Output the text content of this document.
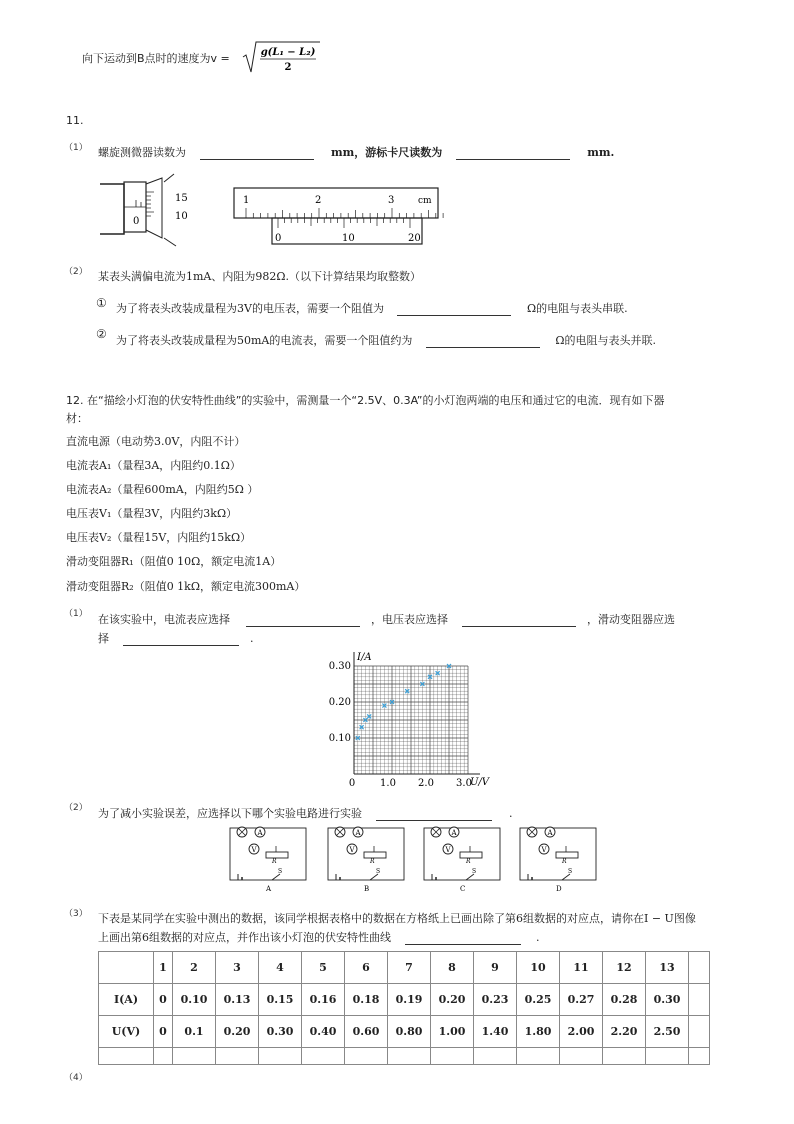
向下运动到B点时的速度为v =	g(L₁ − L₂)
2
11.
（1） 螺旋测微器读数为	mm，游标卡尺读数为	mm.
0
15
10
1	2	3	cm
0	10	20
（2） 某表头满偏电流为1mA、内阻为982Ω.（以下计算结果均取整数）
① 为了将表头改装成量程为3V的电压表，需要一个阻值为	Ω的电阻与表头串联.
② 为了将表头改装成量程为50mA的电流表，需要一个阻值约为	Ω的电阻与表头并联.
12. 在“描绘小灯泡的伏安特性曲线”的实验中，需测量一个“2.5V、0.3A”的小灯泡两端的电压和通过它的电流．现有如下器
材：
直流电源（电动势3.0V，内阻不计）
电流表A₁（量程3A，内阻约0.1Ω）
电流表A₂（量程600mA，内阻约5Ω ）
电压表V₁（量程3V，内阻约3kΩ）
电压表V₂（量程15V，内阻约15kΩ）
滑动变阻器R₁（阻值0 10Ω，额定电流1A）
滑动变阻器R₂（阻值0 1kΩ，额定电流300mA）
（1） 在该实验中，电流表应选择	，电压表应选择	，滑动变阻器应选
择	.
I/A
U/V
0 1.0 2.0 3.0
0.10
0.20
0.30
（2） 为了减小实验误差，应选择以下哪个实验电路进行实验	.
A	B	C	D
（3） 下表是某同学在实验中测出的数据，该同学根据表格中的数据在方格纸上已画出除了第6组数据的对应点，请你在I − U图像
上画出第6组数据的对应点，并作出该小灯泡的伏安特性曲线	.
	1	2	3	4	5	6	7	8	9	10	11	12	13	
I(A)	0	0.10	0.13	0.15	0.16	0.18	0.19	0.20	0.23	0.25	0.27	0.28	0.30	
U(V)	0	0.1	0.20	0.30	0.40	0.60	0.80	1.00	1.40	1.80	2.00	2.20	2.50	

（4）
